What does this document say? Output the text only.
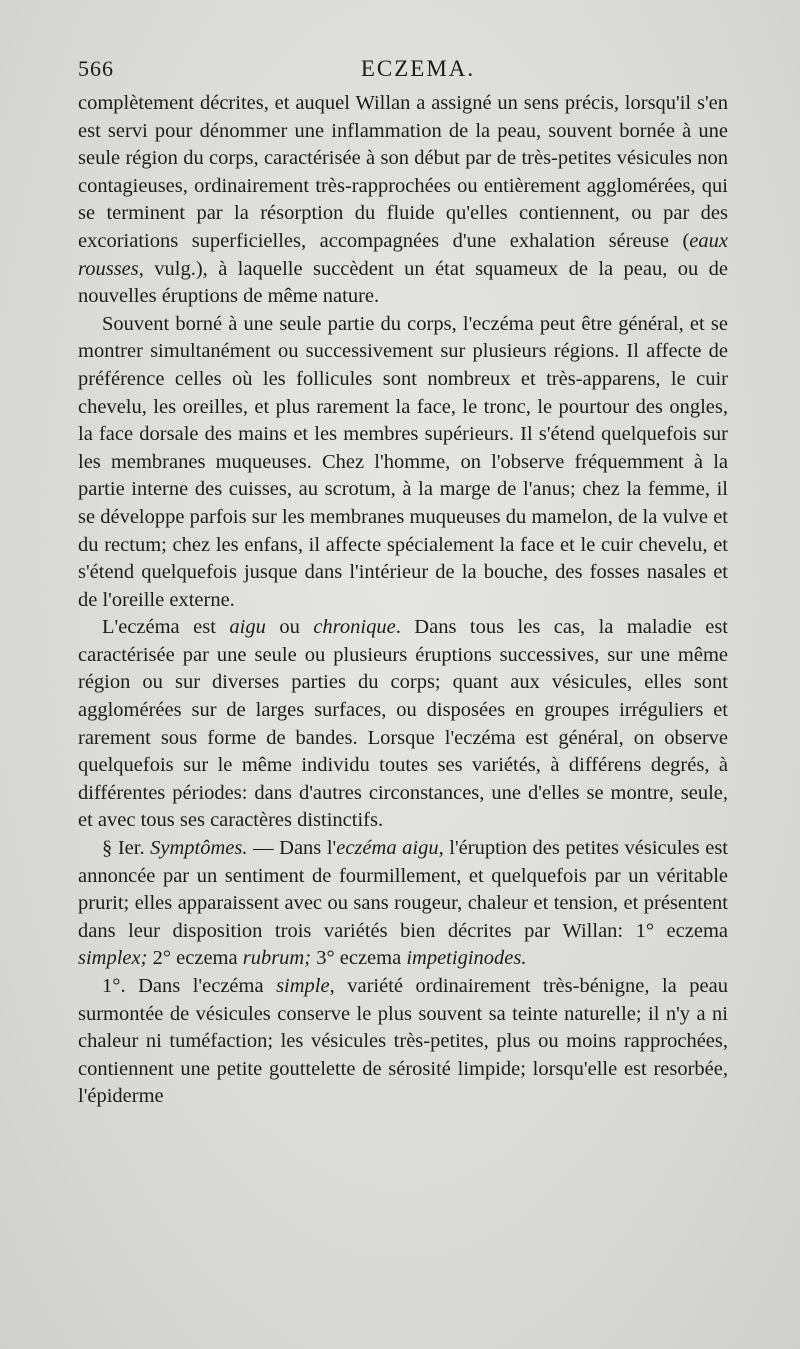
566	ECZEMA.

complètement décrites, et auquel Willan a assigné un sens précis, lorsqu'il s'en est servi pour dénommer une inflammation de la peau, souvent bornée à une seule région du corps, caractérisée à son début par de très-petites vésicules non contagieuses, ordinairement très-rapprochées ou entièrement agglomérées, qui se terminent par la résorption du fluide qu'elles contiennent, ou par des excoriations superficielles, accompagnées d'une exhalation séreuse (eaux rousses, vulg.), à laquelle succèdent un état squameux de la peau, ou de nouvelles éruptions de même nature.

Souvent borné à une seule partie du corps, l'eczéma peut être général, et se montrer simultanément ou successivement sur plusieurs régions. Il affecte de préférence celles où les follicules sont nombreux et très-apparens, le cuir chevelu, les oreilles, et plus rarement la face, le tronc, le pourtour des ongles, la face dorsale des mains et les membres supérieurs. Il s'étend quelquefois sur les membranes muqueuses. Chez l'homme, on l'observe fréquemment à la partie interne des cuisses, au scrotum, à la marge de l'anus; chez la femme, il se développe parfois sur les membranes muqueuses du mamelon, de la vulve et du rectum; chez les enfans, il affecte spécialement la face et le cuir chevelu, et s'étend quelquefois jusque dans l'intérieur de la bouche, des fosses nasales et de l'oreille externe.

L'eczéma est aigu ou chronique. Dans tous les cas, la maladie est caractérisée par une seule ou plusieurs éruptions successives, sur une même région ou sur diverses parties du corps; quant aux vésicules, elles sont agglomérées sur de larges surfaces, ou disposées en groupes irréguliers et rarement sous forme de bandes. Lorsque l'eczéma est général, on observe quelquefois sur le même individu toutes ses variétés, à différens degrés, à différentes périodes: dans d'autres circonstances, une d'elles se montre, seule, et avec tous ses caractères distinctifs.

§ Ier. Symptômes. — Dans l'eczéma aigu, l'éruption des petites vésicules est annoncée par un sentiment de fourmillement, et quelquefois par un véritable prurit; elles apparaissent avec ou sans rougeur, chaleur et tension, et présentent dans leur disposition trois variétés bien décrites par Willan: 1° eczema simplex; 2° eczema rubrum; 3° eczema impetiginodes.

1°. Dans l'eczéma simple, variété ordinairement très-bénigne, la peau surmontée de vésicules conserve le plus souvent sa teinte naturelle; il n'y a ni chaleur ni tuméfaction; les vésicules très-petites, plus ou moins rapprochées, contiennent une petite gouttelette de sérosité limpide; lorsqu'elle est resorbée, l'épiderme
